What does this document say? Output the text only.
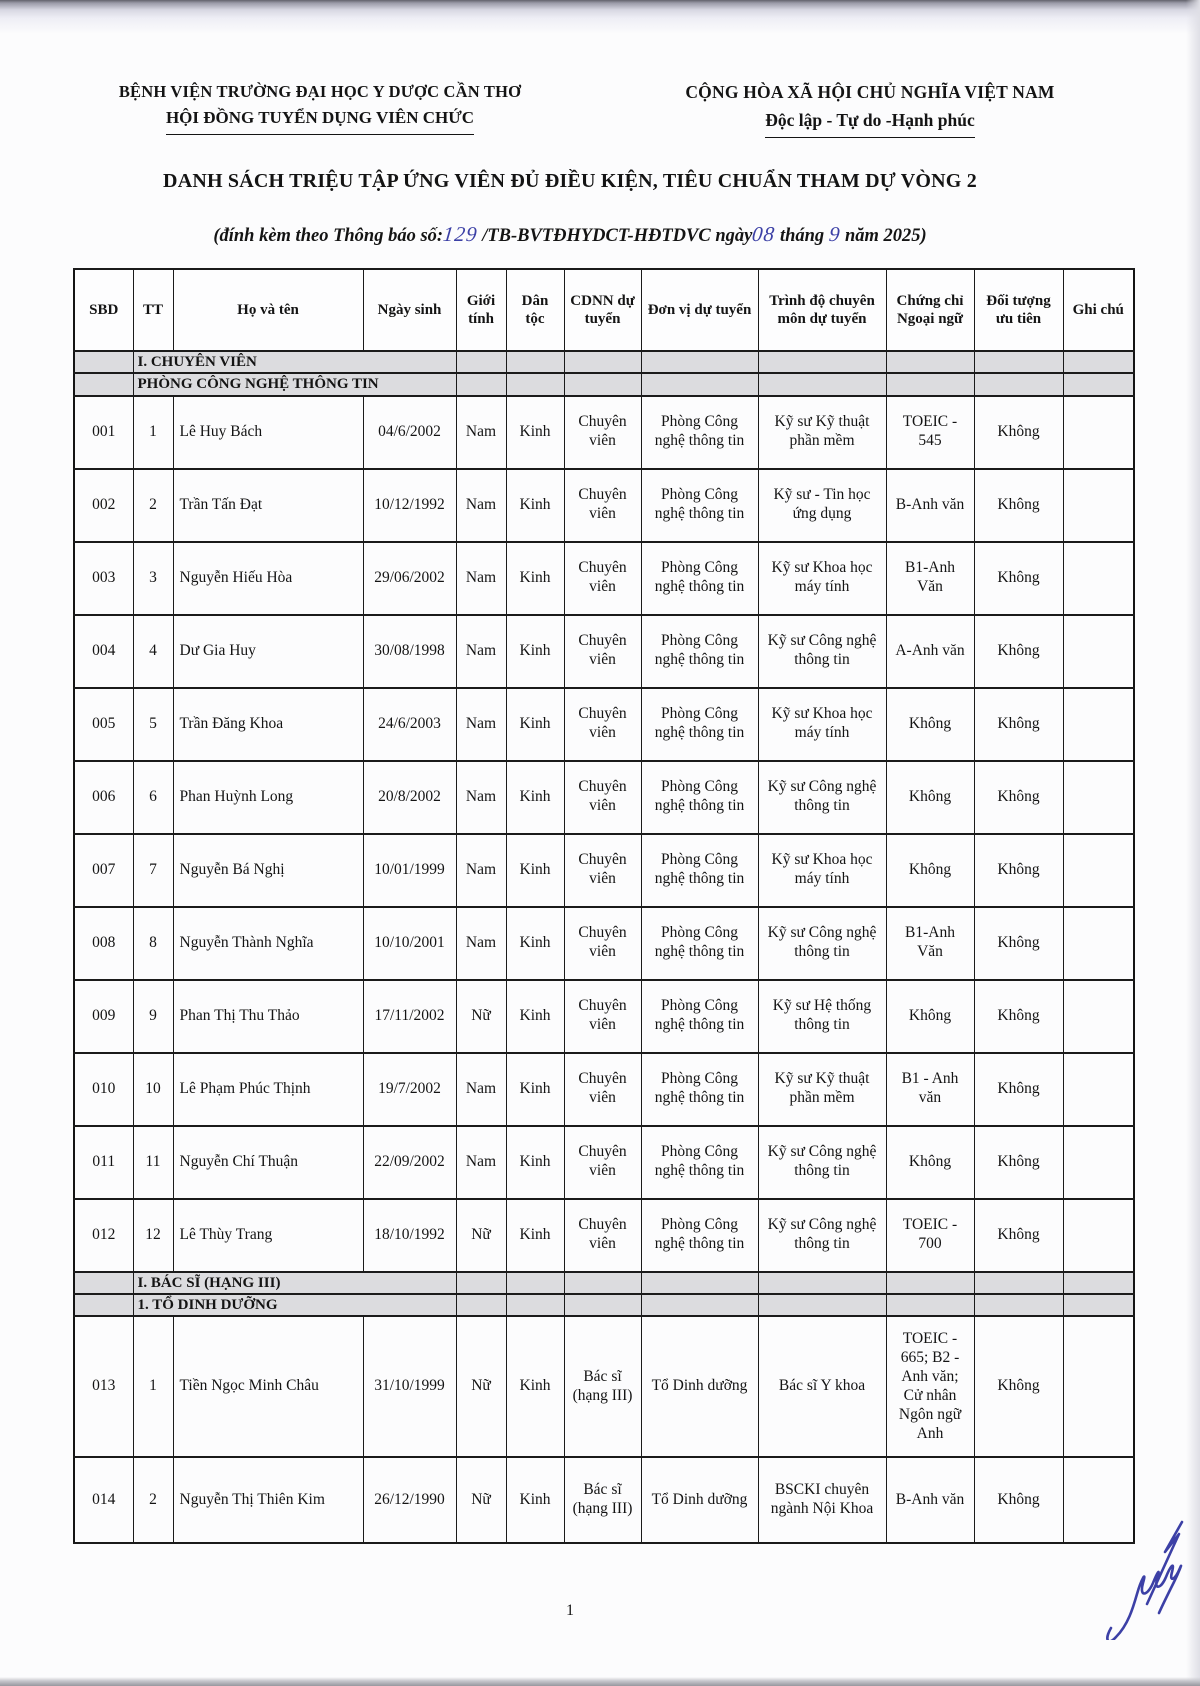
BỆNH VIỆN TRƯỜNG ĐẠI HỌC Y DƯỢC CẦN THƠ
HỘI ĐỒNG TUYỂN DỤNG VIÊN CHỨC
CỘNG HÒA XÃ HỘI CHỦ NGHĨA VIỆT NAM
Độc lập - Tự do -Hạnh phúc
DANH SÁCH TRIỆU TẬP ỨNG VIÊN ĐỦ ĐIỀU KIỆN, TIÊU CHUẨN THAM DỰ VÒNG 2
(đính kèm theo Thông báo số:129 /TB-BVTĐHYDCT-HĐTDVC ngày08 tháng 9 năm 2025)
SBD	TT	Họ và tên	Ngày sinh	Giới tính	Dân tộc	CDNN dự tuyển	Đơn vị dự tuyển	Trình độ chuyên môn dự tuyển	Chứng chỉ Ngoại ngữ	Đối tượng ưu tiên	Ghi chú
	I. CHUYÊN VIÊN										
	PHÒNG CÔNG NGHỆ THÔNG TIN										
001	1	Lê Huy Bách	04/6/2002	Nam	Kinh	Chuyên viên	Phòng Công nghệ thông tin	Kỹ sư Kỹ thuật phần mềm	TOEIC - 545	Không	
002	2	Trần Tấn Đạt	10/12/1992	Nam	Kinh	Chuyên viên	Phòng Công nghệ thông tin	Kỹ sư - Tin học ứng dụng	B-Anh văn	Không	
003	3	Nguyễn Hiếu Hòa	29/06/2002	Nam	Kinh	Chuyên viên	Phòng Công nghệ thông tin	Kỹ sư Khoa học máy tính	B1-Anh Văn	Không	
004	4	Dư Gia Huy	30/08/1998	Nam	Kinh	Chuyên viên	Phòng Công nghệ thông tin	Kỹ sư Công nghệ thông tin	A-Anh văn	Không	
005	5	Trần Đăng Khoa	24/6/2003	Nam	Kinh	Chuyên viên	Phòng Công nghệ thông tin	Kỹ sư Khoa học máy tính	Không	Không	
006	6	Phan Huỳnh Long	20/8/2002	Nam	Kinh	Chuyên viên	Phòng Công nghệ thông tin	Kỹ sư Công nghệ thông tin	Không	Không	
007	7	Nguyễn Bá Nghị	10/01/1999	Nam	Kinh	Chuyên viên	Phòng Công nghệ thông tin	Kỹ sư Khoa học máy tính	Không	Không	
008	8	Nguyễn Thành Nghĩa	10/10/2001	Nam	Kinh	Chuyên viên	Phòng Công nghệ thông tin	Kỹ sư Công nghệ thông tin	B1-Anh Văn	Không	
009	9	Phan Thị Thu Thảo	17/11/2002	Nữ	Kinh	Chuyên viên	Phòng Công nghệ thông tin	Kỹ sư Hệ thống thông tin	Không	Không	
010	10	Lê Phạm Phúc Thịnh	19/7/2002	Nam	Kinh	Chuyên viên	Phòng Công nghệ thông tin	Kỹ sư Kỹ thuật phần mềm	B1 - Anh văn	Không	
011	11	Nguyễn Chí Thuận	22/09/2002	Nam	Kinh	Chuyên viên	Phòng Công nghệ thông tin	Kỹ sư Công nghệ thông tin	Không	Không	
012	12	Lê Thùy Trang	18/10/1992	Nữ	Kinh	Chuyên viên	Phòng Công nghệ thông tin	Kỹ sư Công nghệ thông tin	TOEIC - 700	Không	
	I. BÁC SĨ (HẠNG III)										
	1. TỔ DINH DƯỠNG										
013	1	Tiền Ngọc Minh Châu	31/10/1999	Nữ	Kinh	Bác sĩ (hạng III)	Tổ Dinh dưỡng	Bác sĩ Y khoa	TOEIC - 665; B2 - Anh văn; Cử nhân Ngôn ngữ Anh	Không	
014	2	Nguyễn Thị Thiên Kim	26/12/1990	Nữ	Kinh	Bác sĩ (hạng III)	Tổ Dinh dưỡng	BSCKI chuyên ngành Nội Khoa	B-Anh văn	Không	
1
